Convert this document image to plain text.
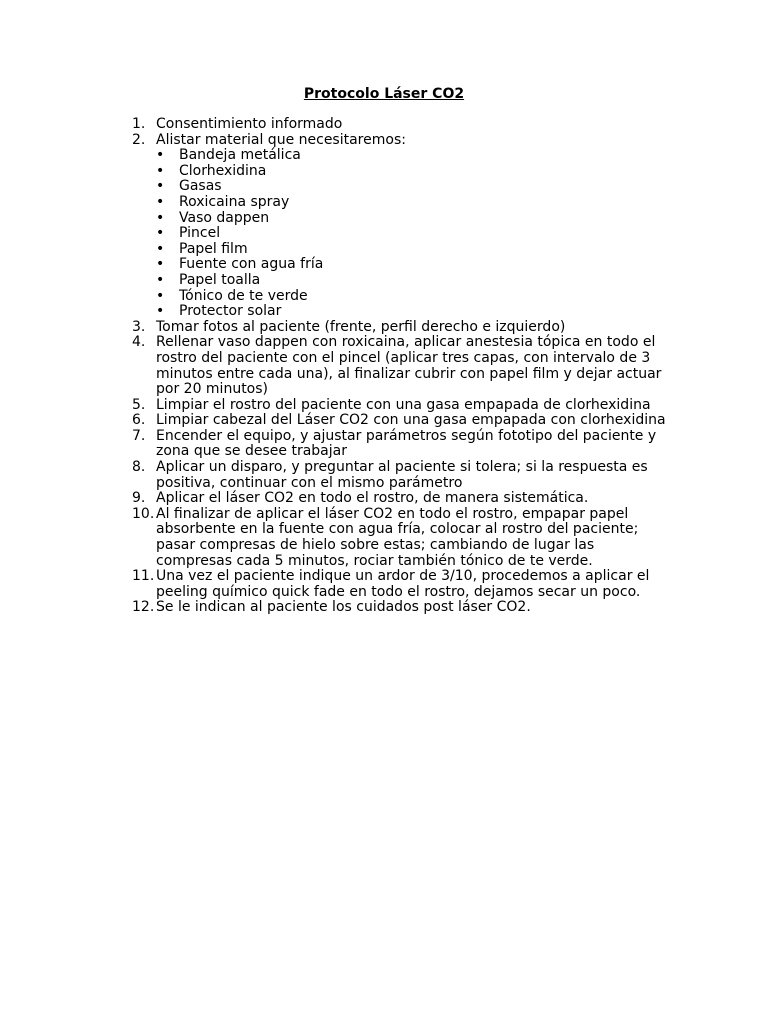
Protocolo Láser CO2
1. Consentimiento informado
2. Alistar material que necesitaremos:
•	Bandeja metálica
•	Clorhexidina
•	Gasas
•	Roxicaina spray
•	Vaso dappen
•	Pincel
•	Papel film
•	Fuente con agua fría
•	Papel toalla
•	Tónico de te verde
•	Protector solar
3. Tomar fotos al paciente (frente, perfil derecho e izquierdo)
4. Rellenar vaso dappen con roxicaina, aplicar anestesia tópica en todo el rostro del paciente con el pincel (aplicar tres capas, con intervalo de 3 minutos entre cada una), al finalizar cubrir con papel film y dejar actuar por 20 minutos)
5. Limpiar el rostro del paciente con una gasa empapada de clorhexidina
6. Limpiar cabezal del Láser CO2 con una gasa empapada con clorhexidina
7. Encender el equipo, y ajustar parámetros según fototipo del paciente y zona que se desee trabajar
8. Aplicar un disparo, y preguntar al paciente si tolera; si la respuesta es positiva, continuar con el mismo parámetro
9. Aplicar el láser CO2 en todo el rostro, de manera sistemática.
10. Al finalizar de aplicar el láser CO2 en todo el rostro, empapar papel absorbente en la fuente con agua fría, colocar al rostro del paciente; pasar compresas de hielo sobre estas; cambiando de lugar las compresas cada 5 minutos, rociar también tónico de te verde.
11. Una vez el paciente indique un ardor de 3/10, procedemos a aplicar el peeling químico quick fade en todo el rostro, dejamos secar un poco.
12. Se le indican al paciente los cuidados post láser CO2.
